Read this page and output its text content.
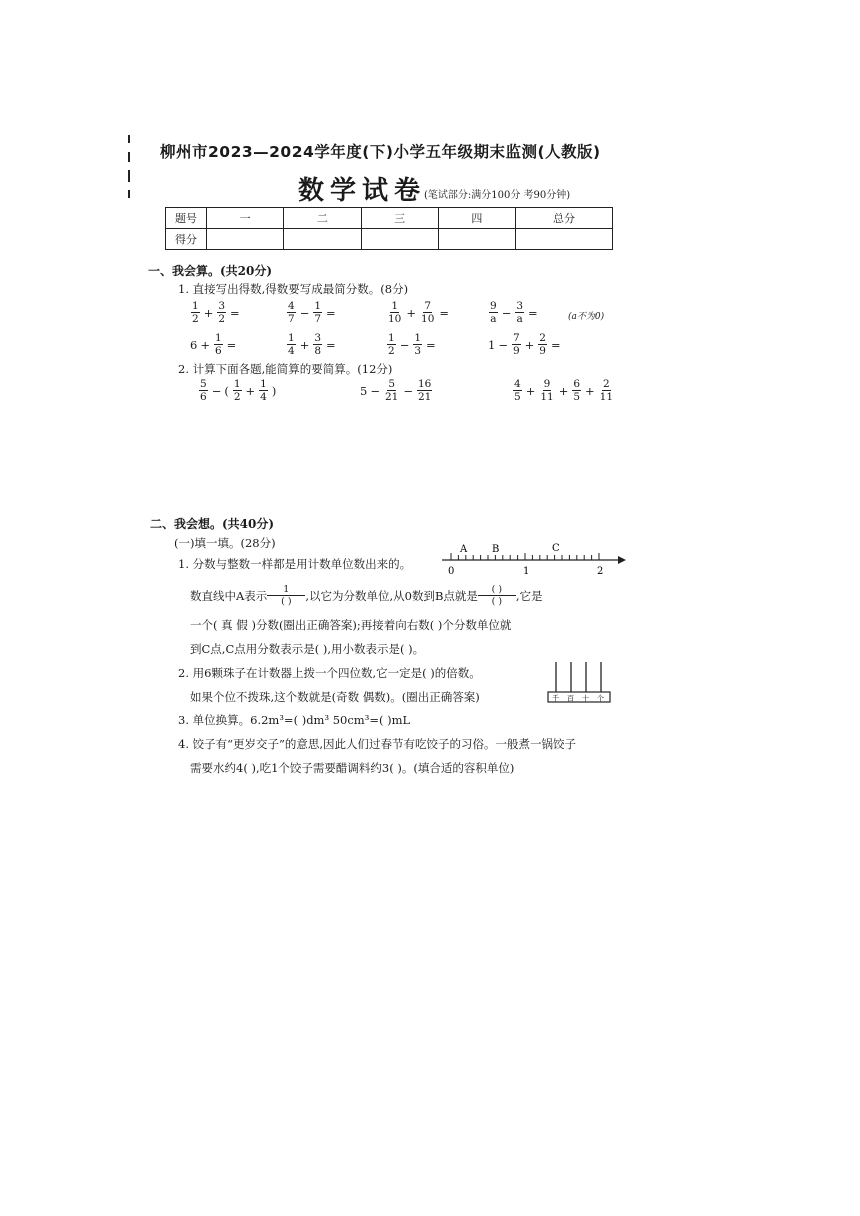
柳州市2023—2024学年度(下)小学五年级期末监测(人教版)
数学试卷
(笔试部分:满分100分 考90分钟)
题号	一	二	三	四	总分
得分					
一、我会算。(共20分)
1. 直接写出得数,得数要写成最简分数。(8分)
$\frac{1}{2} + \frac{3}{2}$ =	$\frac{4}{7} - \frac{1}{7}$ =	$\frac{1}{10} + \frac{7}{10}$ =	$\frac{9}{a} - \frac{3}{a}$ =	(a不为0)
$6 + \frac{1}{6}$ =	$\frac{1}{4} + \frac{3}{8}$ =	$\frac{1}{2} - \frac{1}{3}$ =	$1 - \frac{7}{9} + \frac{2}{9}$ =
2. 计算下面各题,能简算的要简算。(12分)
$\frac{5}{6}$ − ( $\frac{1}{2} + \frac{1}{4}$ )	$5 - \frac{5}{21} - \frac{16}{21}$	$\frac{4}{5} + \frac{9}{11} + \frac{6}{5} + \frac{2}{11}$
二、我会想。(共40分)
(一)填一填。(28分)
1. 分数与整数一样都是用计数单位数出来的。
A B	C
0	1	2
数直线中A表示 $\frac{1}{( )}$ ,以它为分数单位,从0数到B点就是 $\frac{( )}{( )}$ ,它是
一个( 真 假 )分数(圈出正确答案);再接着向右数( )个分数单位就
到C点,C点用分数表示是( ),用小数表示是( )。
2. 用6颗珠子在计数器上拨一个四位数,它一定是( )的倍数。
如果个位不拨珠,这个数就是(奇数 偶数)。(圈出正确答案)	千 百 十 个
3. 单位换算。6.2m³=( )dm³ 50cm³=( )mL
4. 饺子有“更岁交子”的意思,因此人们过春节有吃饺子的习俗。一般煮一锅饺子
需要水约4( ),吃1个饺子需要醋调料约3( )。(填合适的容积单位)
